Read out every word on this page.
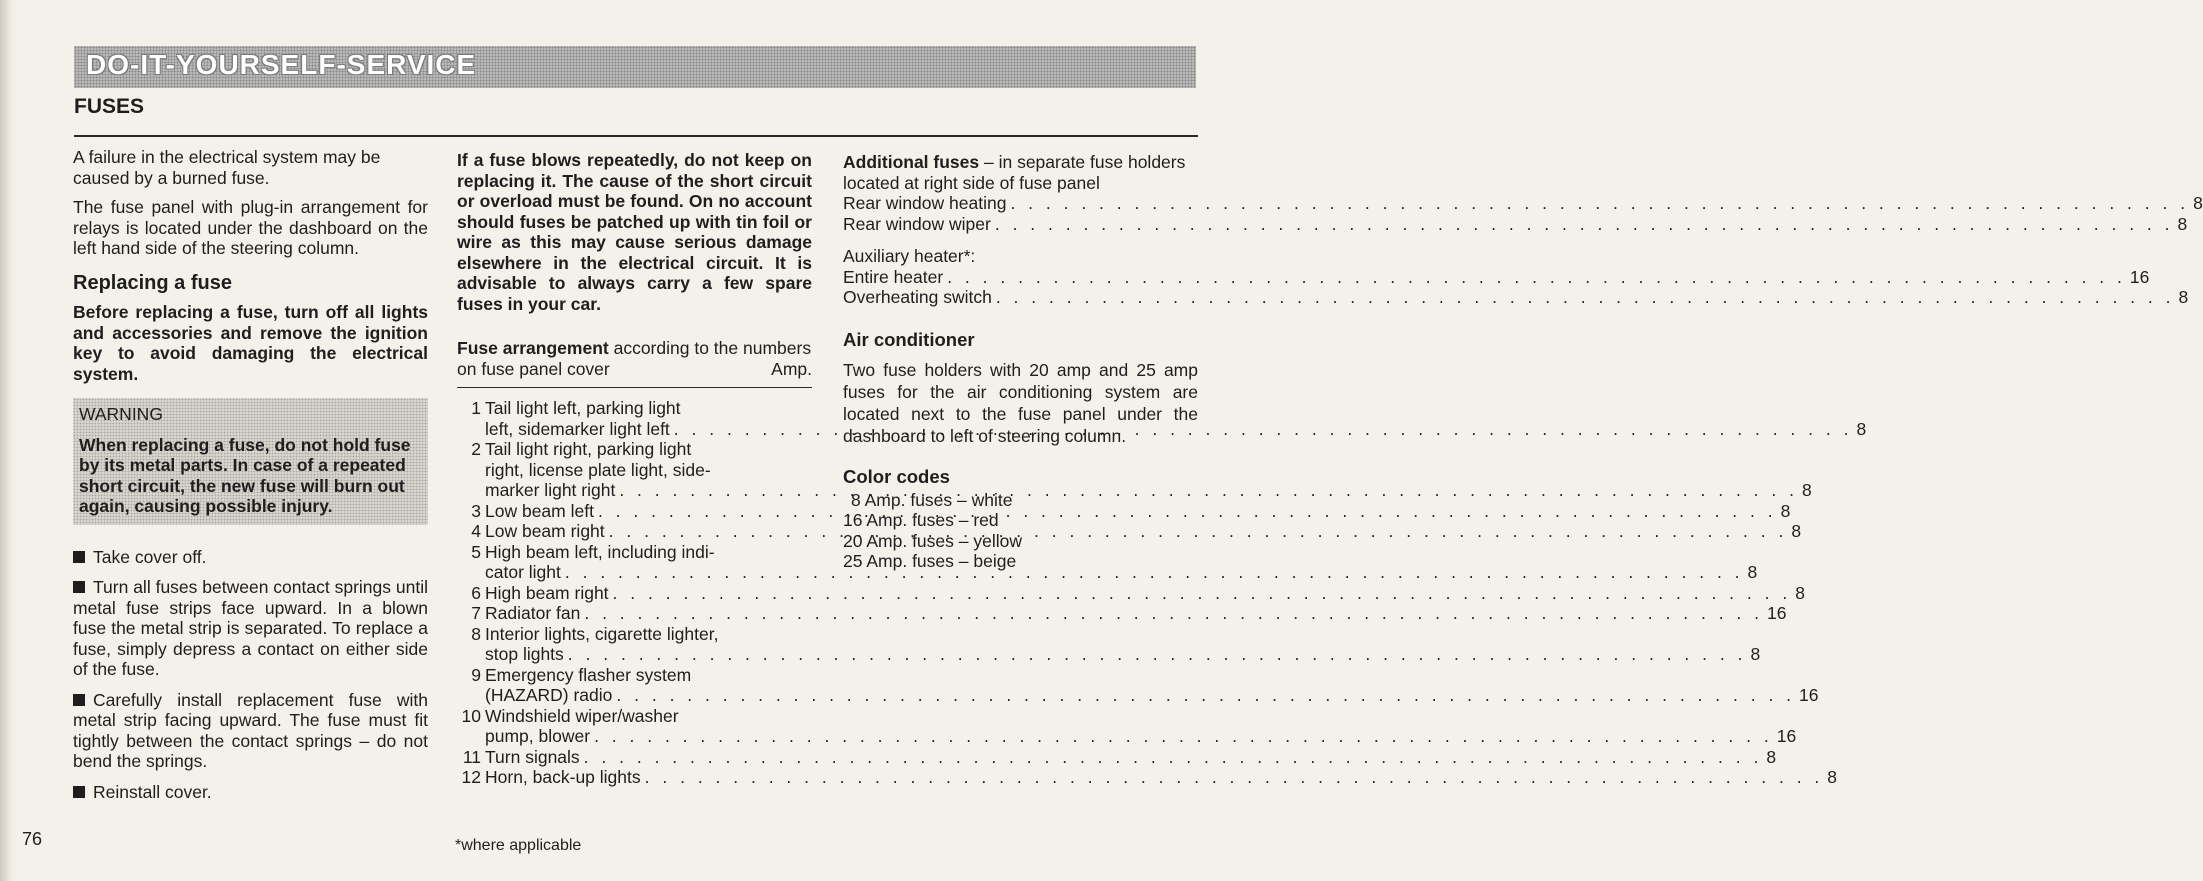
DO-IT-YOURSELF-SERVICE
FUSES

A failure in the electrical system may be caused by a burned fuse.

The fuse panel with plug-in arrangement for relays is located under the dashboard on the left hand side of the steering column.

Replacing a fuse

Before replacing a fuse, turn off all lights and accessories and remove the ignition key to avoid damaging the electrical system.

WARNING
When replacing a fuse, do not hold fuse by its metal parts. In case of a repeated short circuit, the new fuse will burn out again, causing possible injury.
Take cover off.
Turn all fuses between contact springs until metal fuse strips face upward. In a blown fuse the metal strip is separated. To replace a fuse, simply depress a contact on either side of the fuse.
Carefully install replacement fuse with metal strip facing upward. The fuse must fit tightly between the contact springs – do not bend the springs.
Reinstall cover.

If a fuse blows repeatedly, do not keep on replacing it. The cause of the short circuit or overload must be found. On no account should fuses be patched up with tin foil or wire as this may cause serious damage elsewhere in the electrical circuit. It is advisable to always carry a few spare fuses in your car.

Fuse arrangement according to the numbers on fuse panel cover	Amp.
1 Tail light left, parking light
left, sidemarker light left . . .	8
2 Tail light right, parking light
right, license plate light, side-
marker light right . . .	8
3 Low beam left . . .	8
4 Low beam right . . .	8
5 High beam left, including indi-
cator light . . .	8
6 High beam right . . .	8
7 Radiator fan . . .	16
8 Interior lights, cigarette lighter,
stop lights . . .	8
9 Emergency flasher system
(HAZARD) radio . . .	16
10 Windshield wiper/washer
pump, blower . . .	16
11 Turn signals . . .	8
12 Horn, back-up lights . . .	8
*where applicable
Additional fuses – in separate fuse holders located at right side of fuse panel
Rear window heating . . .	8
Rear window wiper . . .	8
Auxiliary heater*:
Entire heater . . .	16
Overheating switch . . .	8
Air conditioner

Two fuse holders with 20 amp and 25 amp fuses for the air conditioning system are located next to the fuse panel under the dashboard to left of steering column.

Color codes
8 Amp. fuses – white
16 Amp. fuses – red
20 Amp. fuses – yellow
25 Amp. fuses – beige
76
